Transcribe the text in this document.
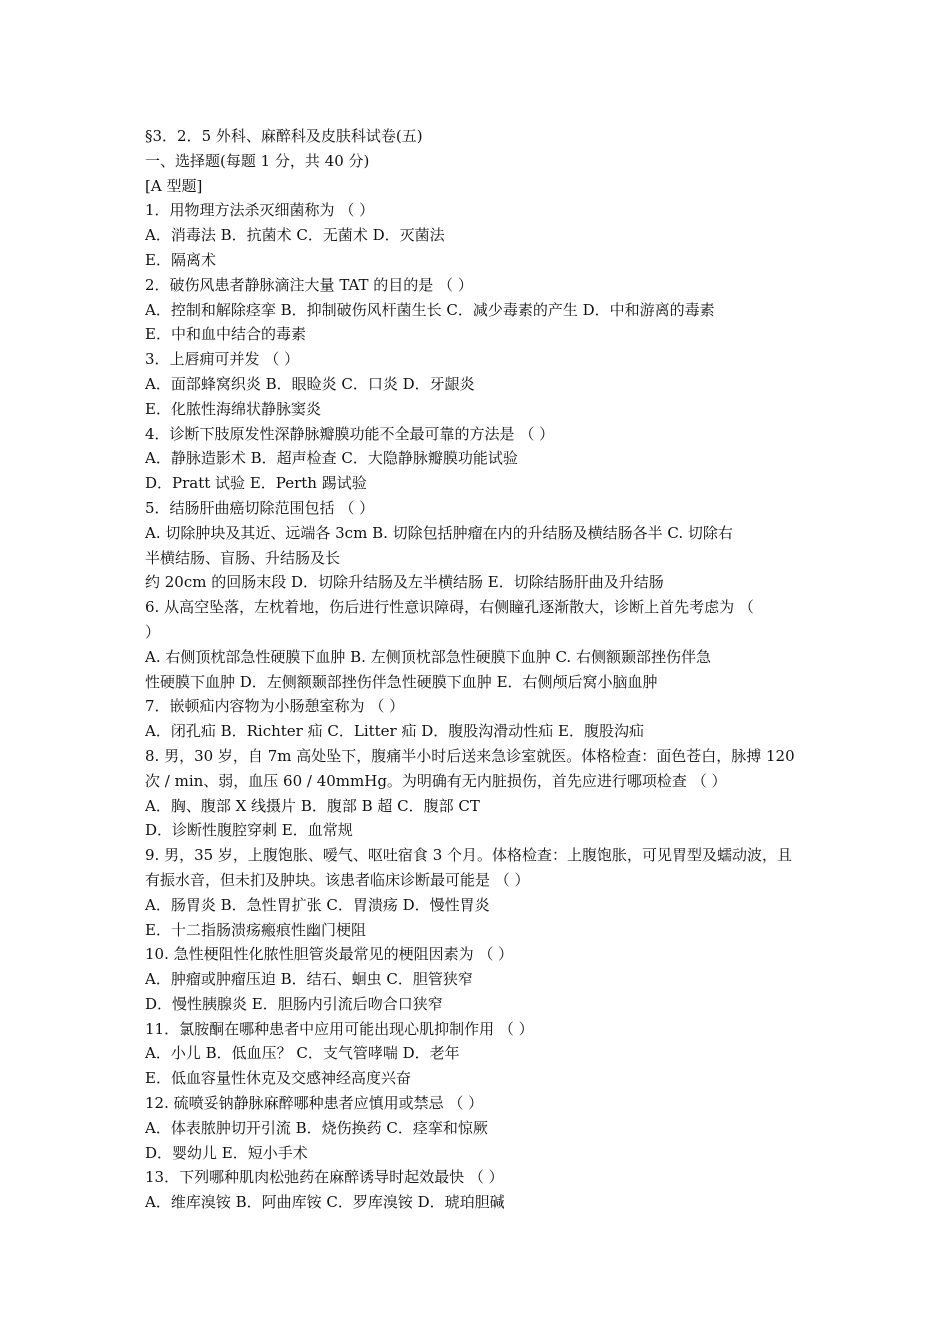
§3．2．5 外科、麻醉科及皮肤科试卷(五)
一、选择题(每题 1 分，共 40 分)
[A 型题]
1．用物理方法杀灭细菌称为 （ ）
A．消毒法 B．抗菌术 C．无菌术 D．灭菌法
E．隔离术
2．破伤风患者静脉滴注大量 TAT 的目的是 （ ）
A．控制和解除痉挛 B．抑制破伤风杆菌生长 C．减少毒素的产生 D．中和游离的毒素
E．中和血中结合的毒素
3．上唇痈可并发 （ ）
A．面部蜂窝织炎 B．眼睑炎 C．口炎 D．牙龈炎
E．化脓性海绵状静脉窦炎
4．诊断下肢原发性深静脉瓣膜功能不全最可靠的方法是 （ ）
A．静脉造影术 B．超声检查 C．大隐静脉瓣膜功能试验
D．Pratt 试验 E．Perth 踢试验
5．结肠肝曲癌切除范围包括 （ ）
A. 切除肿块及其近、远端各 3cm B. 切除包括肿瘤在内的升结肠及横结肠各半 C. 切除右
半横结肠、盲肠、升结肠及长
约 20cm 的回肠末段 D．切除升结肠及左半横结肠 E．切除结肠肝曲及升结肠
6. 从高空坠落，左枕着地，伤后进行性意识障碍，右侧瞳孔逐渐散大，诊断上首先考虑为 （
）
A. 右侧顶枕部急性硬膜下血肿 B. 左侧顶枕部急性硬膜下血肿 C. 右侧额颞部挫伤伴急
性硬膜下血肿 D．左侧额颞部挫伤伴急性硬膜下血肿 E．右侧颅后窝小脑血肿
7．嵌顿疝内容物为小肠憩室称为 （ ）
A．闭孔疝 B．Richter 疝 C．Litter 疝 D．腹股沟滑动性疝 E．腹股沟疝
8. 男，30 岁，自 7m 高处坠下，腹痛半小时后送来急诊室就医。体格检查：面色苍白，脉搏 120
次 / min、弱，血压 60 / 40mmHg。为明确有无内脏损伤，首先应进行哪项检查 （ ）
A．胸、腹部 X 线摄片 B．腹部 B 超 C．腹部 CT
D．诊断性腹腔穿刺 E．血常规
9. 男，35 岁，上腹饱胀、嗳气、呕吐宿食 3 个月。体格检查：上腹饱胀，可见胃型及蠕动波，且
有振水音，但未扪及肿块。该患者临床诊断最可能是 （ ）
A．肠胃炎 B．急性胃扩张 C．胃溃疡 D．慢性胃炎
E．十二指肠溃疡瘢痕性幽门梗阻
10. 急性梗阻性化脓性胆管炎最常见的梗阻因素为 （ ）
A．肿瘤或肿瘤压迫 B．结石、蛔虫 C．胆管狭窄
D．慢性胰腺炎 E．胆肠内引流后吻合口狭窄
11．氯胺酮在哪种患者中应用可能出现心肌抑制作用 （ ）
A．小儿 B．低血压？ C．支气管哮喘 D．老年
E．低血容量性休克及交感神经高度兴奋
12. 硫喷妥钠静脉麻醉哪种患者应慎用或禁忌 （ ）
A．体表脓肿切开引流 B．烧伤换药 C．痉挛和惊厥
D．婴幼儿 E．短小手术
13．下列哪种肌肉松弛药在麻醉诱导时起效最快 （ ）
A．维库溴铵 B．阿曲库铵 C．罗库溴铵 D．琥珀胆碱
